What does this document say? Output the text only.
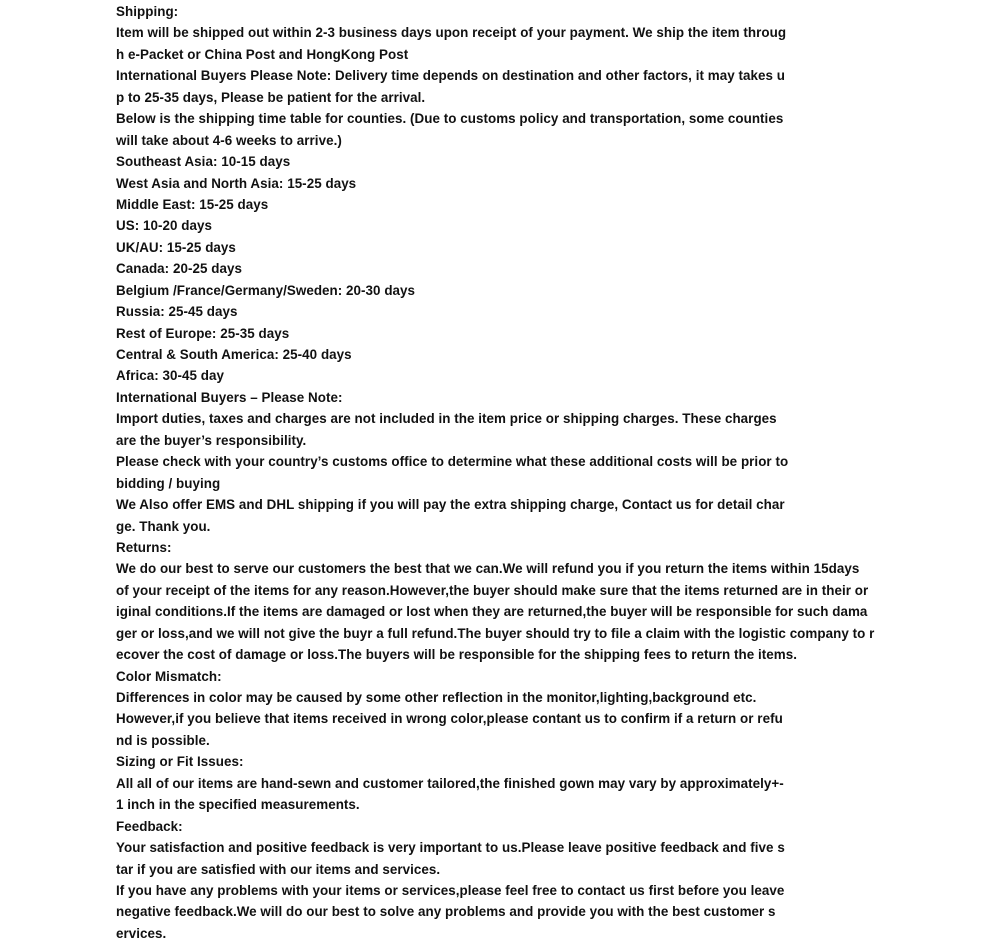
Shipping:
Item will be shipped out within 2-3 business days upon receipt of your payment. We ship the item throug
h e-Packet or China Post and HongKong Post
International Buyers Please Note: Delivery time depends on destination and other factors, it may takes u
p to 25-35 days, Please be patient for the arrival.
Below is the shipping time table for counties. (Due to customs policy and transportation, some counties
will take about 4-6 weeks to arrive.)
Southeast Asia: 10-15 days
West Asia and North Asia: 15-25 days
Middle East: 15-25 days
US: 10-20 days
UK/AU: 15-25 days
Canada: 20-25 days
Belgium /France/Germany/Sweden: 20-30 days
Russia: 25-45 days
Rest of Europe: 25-35 days
Central & South America: 25-40 days
Africa: 30-45 day
International Buyers – Please Note:
Import duties, taxes and charges are not included in the item price or shipping charges. These charges
are the buyer’s responsibility.
Please check with your country’s customs office to determine what these additional costs will be prior to
bidding / buying
We Also offer EMS and DHL shipping if you will pay the extra shipping charge, Contact us for detail char
ge. Thank you.
Returns:
We do our best to serve our customers the best that we can.We will refund you if you return the items within 15days
of your receipt of the items for any reason.However,the buyer should make sure that the items returned are in their or
iginal conditions.If the items are damaged or lost when they are returned,the buyer will be responsible for such dama
ger or loss,and we will not give the buyr a full refund.The buyer should try to file a claim with the logistic company to r
ecover the cost of damage or loss.The buyers will be responsible for the shipping fees to return the items.
Color Mismatch:
Differences in color may be caused by some other reflection in the monitor,lighting,background etc.
However,if you believe that items received in wrong color,please contant us to confirm if a return or refu
nd is possible.
Sizing or Fit Issues:
All all of our items are hand-sewn and customer tailored,the finished gown may vary by approximately+-
1 inch in the specified measurements.
Feedback:
Your satisfaction and positive feedback is very important to us.Please leave positive feedback and five s
tar if you are satisfied with our items and services.
If you have any problems with your items or services,please feel free to contact us first before you leave
negative feedback.We will do our best to solve any problems and provide you with the best customer s
ervices.
